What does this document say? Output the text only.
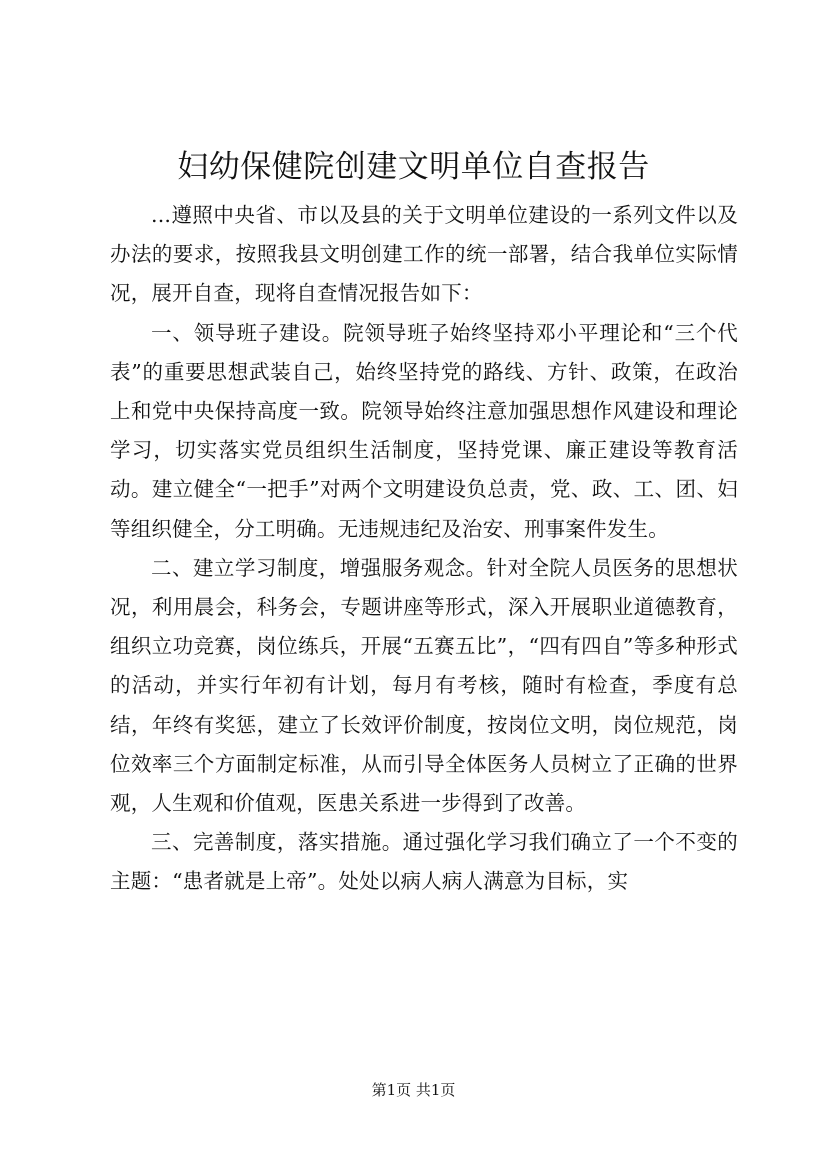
妇幼保健院创建文明单位自查报告

...遵照中央省、市以及县的关于文明单位建设的一系列文件以及办法的要求，按照我县文明创建工作的统一部署，结合我单位实际情况，展开自查，现将自查情况报告如下：

一、领导班子建设。院领导班子始终坚持邓小平理论和“三个代表”的重要思想武装自己，始终坚持党的路线、方针、政策，在政治上和党中央保持高度一致。院领导始终注意加强思想作风建设和理论学习，切实落实党员组织生活制度，坚持党课、廉正建设等教育活动。建立健全“一把手”对两个文明建设负总责，党、政、工、团、妇等组织健全，分工明确。无违规违纪及治安、刑事案件发生。

二、建立学习制度，增强服务观念。针对全院人员医务的思想状况，利用晨会，科务会，专题讲座等形式，深入开展职业道德教育，组织立功竞赛，岗位练兵，开展“五赛五比”，“四有四自”等多种形式的活动，并实行年初有计划，每月有考核，随时有检查，季度有总结，年终有奖惩，建立了长效评价制度，按岗位文明，岗位规范，岗位效率三个方面制定标准，从而引导全体医务人员树立了正确的世界观，人生观和价值观，医患关系进一步得到了改善。

三、完善制度，落实措施。通过强化学习我们确立了一个不变的主题：“患者就是上帝”。处处以病人病人满意为目标，实

第1页 共1页
